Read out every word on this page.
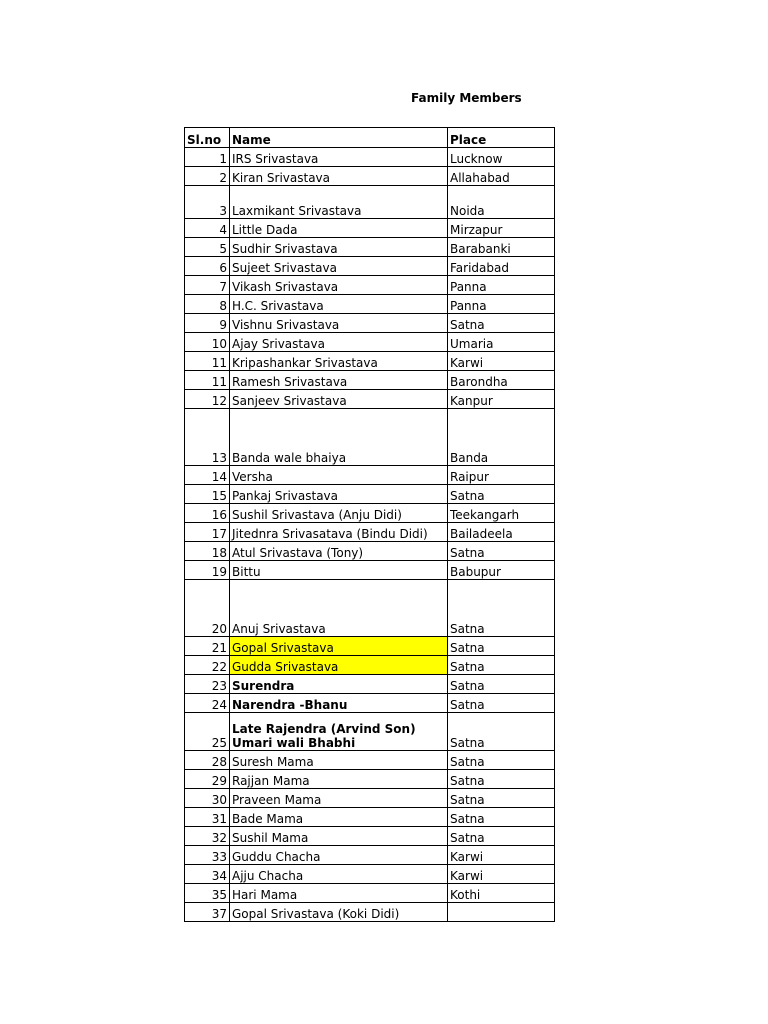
Family Members
Sl.no	Name	Place
1	IRS Srivastava	Lucknow
2	Kiran Srivastava	Allahabad
3	Laxmikant Srivastava	Noida
4	Little Dada	Mirzapur
5	Sudhir Srivastava	Barabanki
6	Sujeet Srivastava	Faridabad
7	Vikash Srivastava	Panna
8	H.C. Srivastava	Panna
9	Vishnu Srivastava	Satna
10	Ajay Srivastava	Umaria
11	Kripashankar Srivastava	Karwi
11	Ramesh Srivastava	Barondha
12	Sanjeev Srivastava	Kanpur
13	Banda wale bhaiya	Banda
14	Versha	Raipur
15	Pankaj Srivastava	Satna
16	Sushil Srivastava (Anju Didi)	Teekangarh
17	Jitednra Srivasatava (Bindu Didi)	Bailadeela
18	Atul Srivastava (Tony)	Satna
19	Bittu	Babupur
20	Anuj Srivastava	Satna
21	Gopal Srivastava	Satna
22	Gudda Srivastava	Satna
23	Surendra	Satna
24	Narendra -Bhanu	Satna
25	Late Rajendra (Arvind Son) Umari wali Bhabhi	Satna
28	Suresh Mama	Satna
29	Rajjan Mama	Satna
30	Praveen Mama	Satna
31	Bade Mama	Satna
32	Sushil Mama	Satna
33	Guddu Chacha	Karwi
34	Ajju Chacha	Karwi
35	Hari Mama	Kothi
37	Gopal Srivastava (Koki Didi)	
